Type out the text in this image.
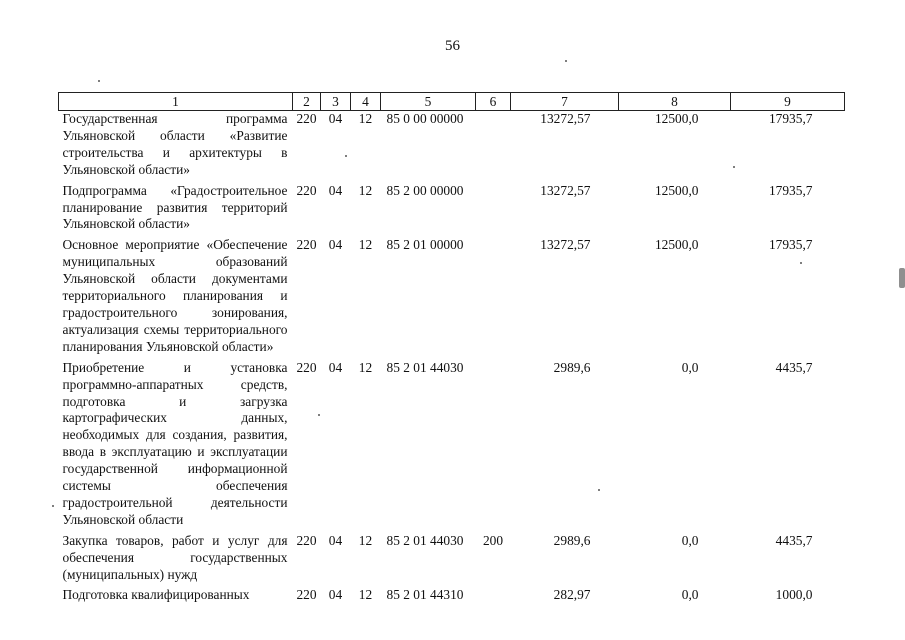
56
1	2	3	4	5	6	7	8	9
Государственная программа Ульяновской области «Развитие строительства и архитектуры в Ульяновской области»	220	04	12	85 0 00 00000		13272,57	12500,0	17935,7
Подпрограмма «Градостроительное планирование развития территорий Ульяновской области»	220	04	12	85 2 00 00000		13272,57	12500,0	17935,7
Основное мероприятие «Обеспечение муниципальных образований Ульяновской области документами территориального планирования и градостроительного зонирования, актуализация схемы территориального планирования Ульяновской области»	220	04	12	85 2 01 00000		13272,57	12500,0	17935,7
Приобретение и установка программно-аппаратных средств, подготовка и загрузка картографических данных, необходимых для создания, развития, ввода в эксплуатацию и эксплуатации государственной информационной системы обеспечения градостроительной деятельности Ульяновской области	220	04	12	85 2 01 44030		2989,6	0,0	4435,7
Закупка товаров, работ и услуг для обеспечения государственных (муниципальных) нужд	220	04	12	85 2 01 44030	200	2989,6	0,0	4435,7
Подготовка квалифицированных	220	04	12	85 2 01 44310		282,97	0,0	1000,0
